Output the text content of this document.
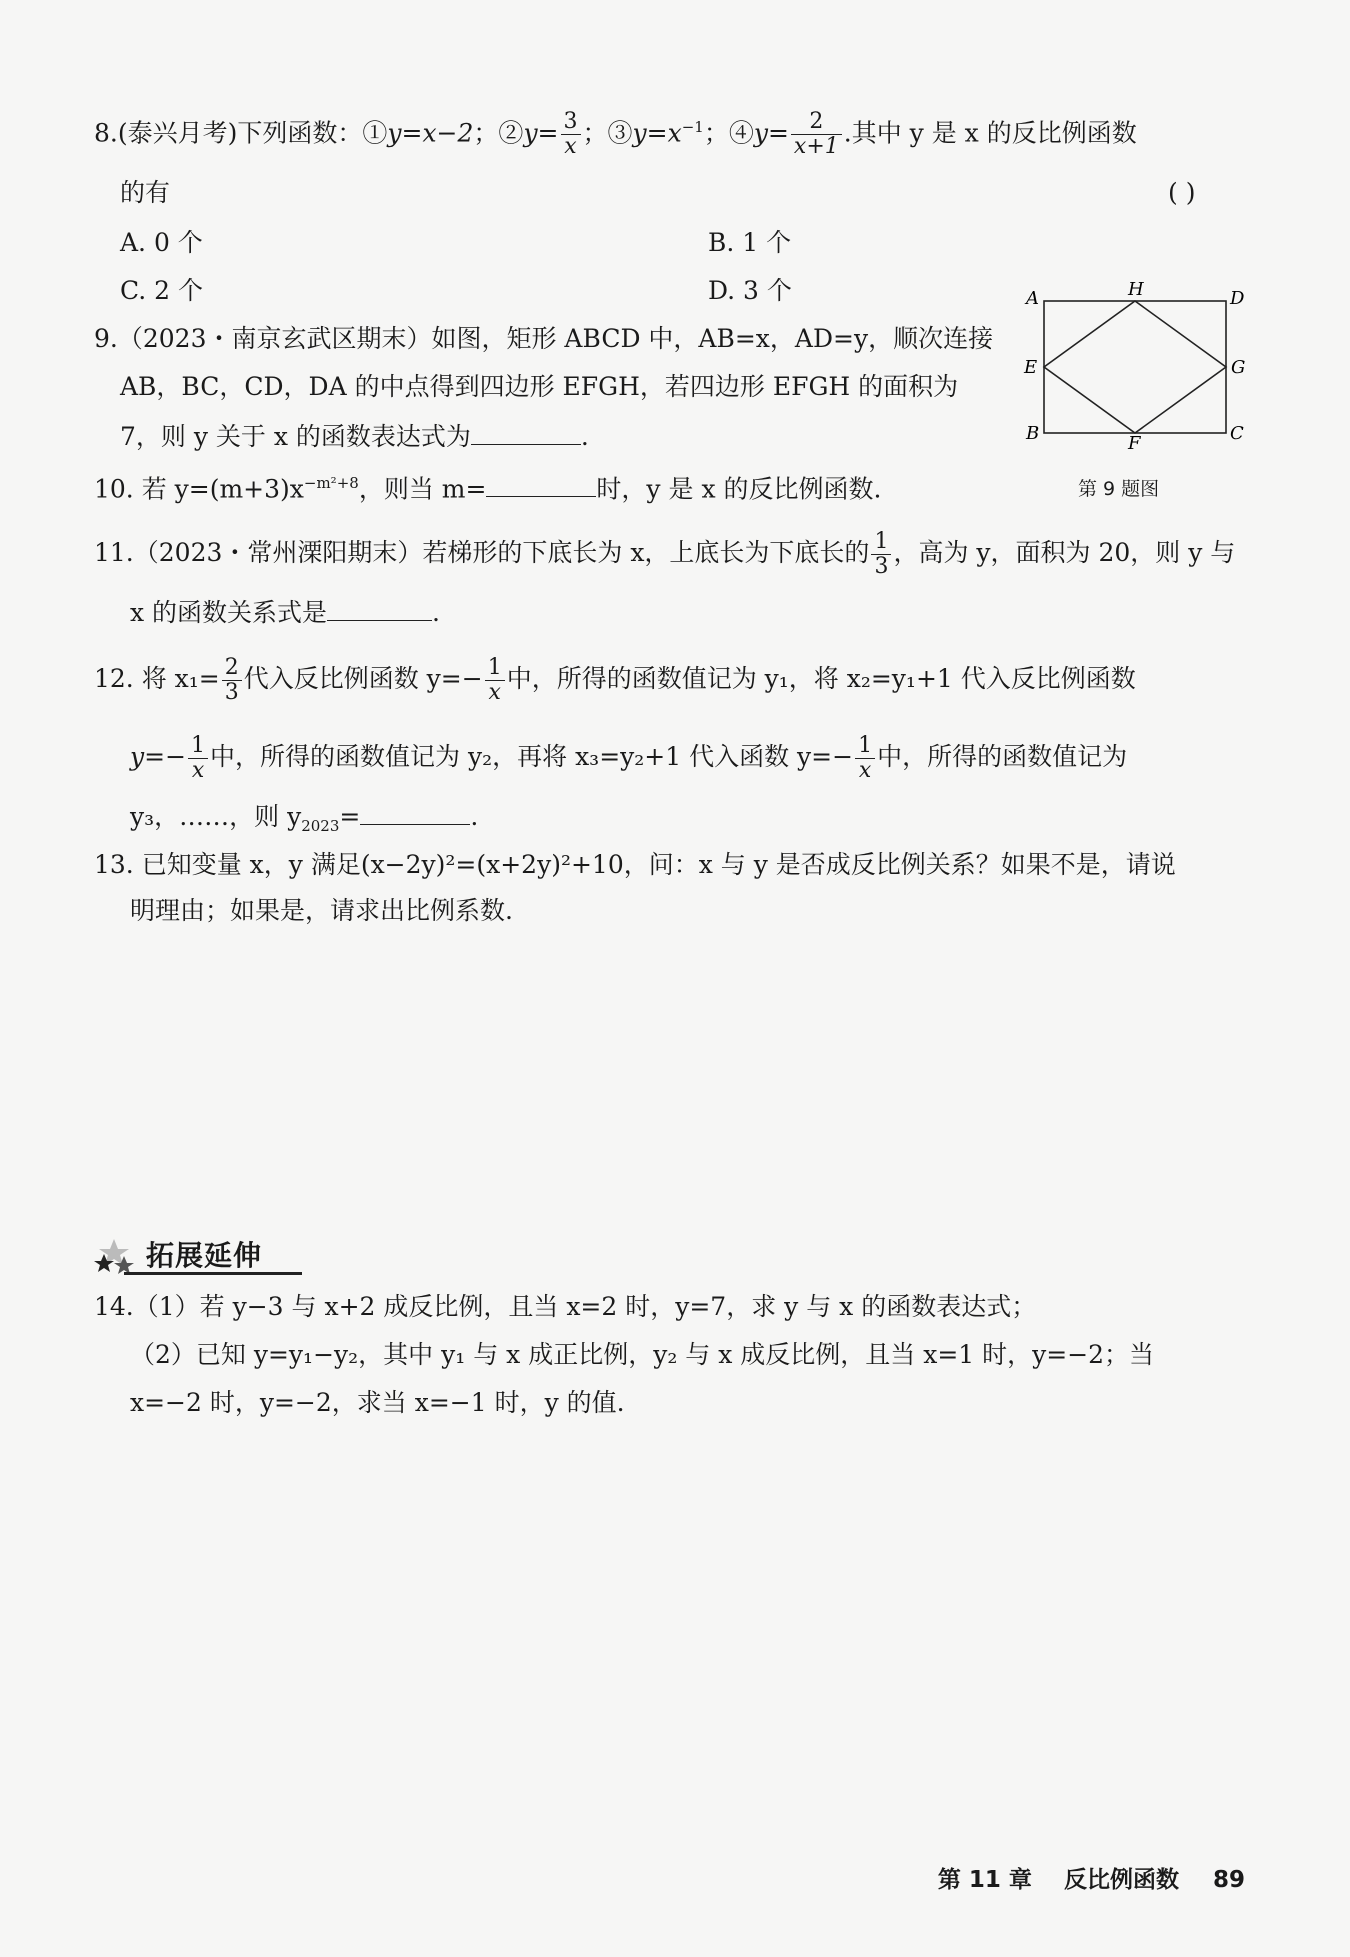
8.(泰兴月考)下列函数：①y=x−2；②y= $\frac{3}{x}$ ；$③y=x^{-1}$；④y= $\frac{2}{x+1}$ .其中 y 是 x 的反比例函数
的有	( )
A. 0 个	B. 1 个
C. 2 个	D. 3 个
9.（2023・南京玄武区期末）如图，矩形 ABCD 中，AB=x，AD=y，顺次连接
AB，BC，CD，DA 的中点得到四边形 EFGH，若四边形 EFGH 的面积为
7，则 y 关于 x 的函数表达式为	.
A	H	D
E	G
B	F	C
第 9 题图
10. 若 $y=(m+3)x^{-m^2+8}$，则当 m=	时，y 是 x 的反比例函数.
11.（2023・常州溧阳期末）若梯形的下底长为 x，上底长为下底长的 $\frac{1}{3}$ ，高为 y，面积为 20，则 y 与
x 的函数关系式是	.
12. 将 $x_1= \frac{2}{3}$ 代入反比例函数 $y=- \frac{1}{x}$ 中，所得的函数值记为 y₁，将 x₂=y₁+1 代入反比例函数
$y=- \frac{1}{x}$ 中，所得的函数值记为 y₂，再将 x₃=y₂+1 代入函数 $y=- \frac{1}{x}$ 中，所得的函数值记为
y₃，……，则 $y_{2023}=$	.
13. 已知变量 x，y 满足(x−2y)²=(x+2y)²+10，问：x 与 y 是否成反比例关系？如果不是，请说
明理由；如果是，请求出比例系数.
拓展延伸
14.（1）若 y−3 与 x+2 成反比例，且当 x=2 时，y=7，求 y 与 x 的函数表达式；
（2）已知 y=y₁−y₂，其中 y₁ 与 x 成正比例，y₂ 与 x 成反比例，且当 x=1 时，y=−2；当
x=−2 时，y=−2，求当 x=−1 时，y 的值.
第 11 章 反比例函数 89
